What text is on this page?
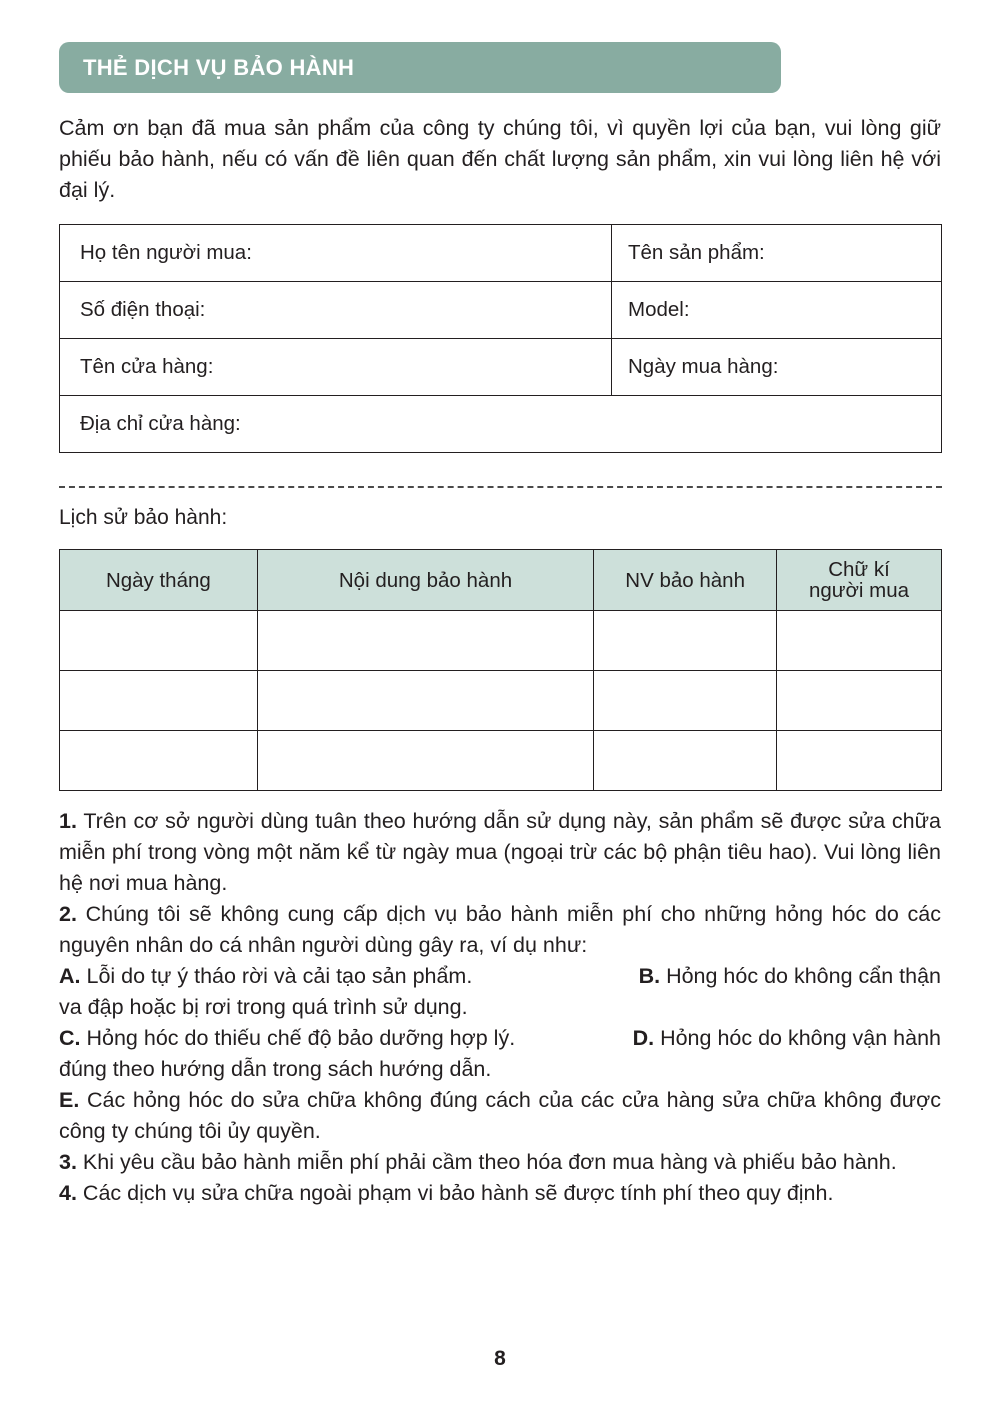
THẺ DỊCH VỤ BẢO HÀNH

Cảm ơn bạn đã mua sản phẩm của công ty chúng tôi, vì quyền lợi của bạn, vui lòng giữ phiếu bảo hành, nếu có vấn đề liên quan đến chất lượng sản phẩm, xin vui lòng liên hệ với đại lý.

Họ tên người mua:	Tên sản phẩm:
Số điện thoại:	Model:
Tên cửa hàng:	Ngày mua hàng:
Địa chỉ cửa hàng:	

Lịch sử bảo hành:

Ngày tháng	Nội dung bảo hành	NV bảo hành	Chữ kí người mua

1. Trên cơ sở người dùng tuân theo hướng dẫn sử dụng này, sản phẩm sẽ được sửa chữa miễn phí trong vòng một năm kể từ ngày mua (ngoại trừ các bộ phận tiêu hao). Vui lòng liên hệ nơi mua hàng.

2. Chúng tôi sẽ không cung cấp dịch vụ bảo hành miễn phí cho những hỏng hóc do các nguyên nhân do cá nhân người dùng gây ra, ví dụ như:

A. Lỗi do tự ý tháo rời và cải tạo sản phẩm.	B. Hỏng hóc do không cẩn thận

va đập hoặc bị rơi trong quá trình sử dụng.

C. Hỏng hóc do thiếu chế độ bảo dưỡng hợp lý.	D. Hỏng hóc do không vận hành

đúng theo hướng dẫn trong sách hướng dẫn.

E. Các hỏng hóc do sửa chữa không đúng cách của các cửa hàng sửa chữa không được công ty chúng tôi ủy quyền.

3. Khi yêu cầu bảo hành miễn phí phải cầm theo hóa đơn mua hàng và phiếu bảo hành.

4. Các dịch vụ sửa chữa ngoài phạm vi bảo hành sẽ được tính phí theo quy định.

8
